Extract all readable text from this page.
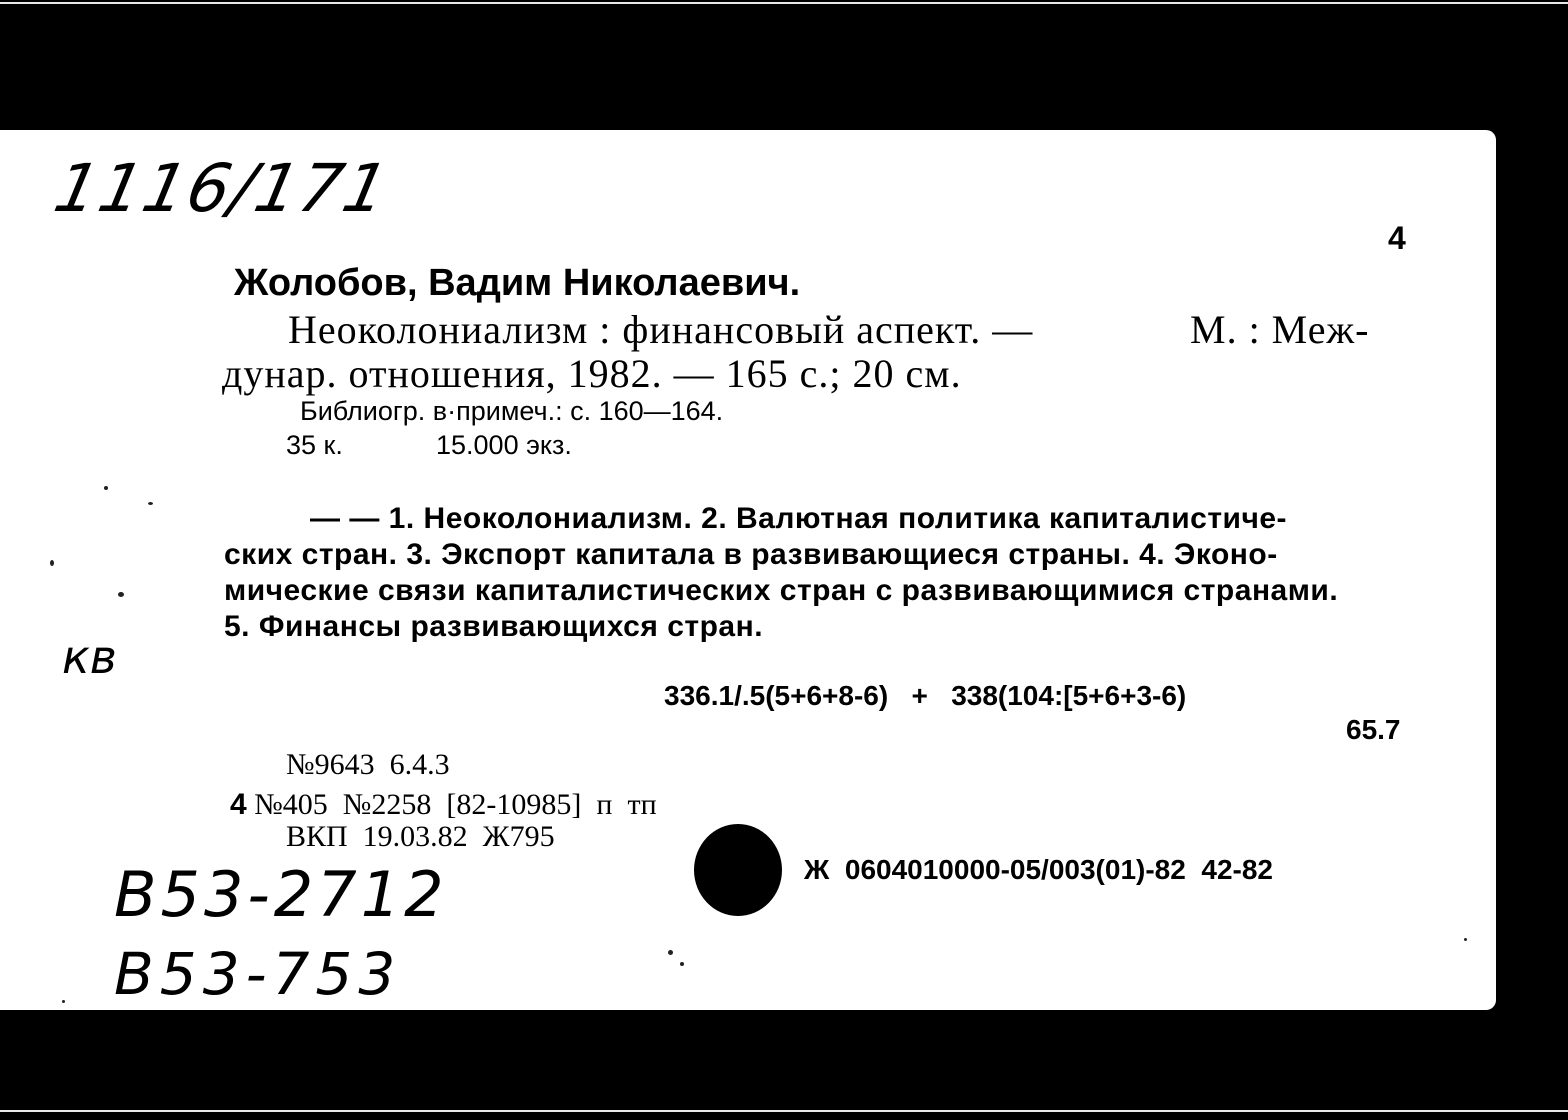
1116/171
кв
В53-2712
В53-753
4
Жолобов, Вадим Николаевич.
Неоколониализм : финансовый аспект. —	М. : Меж-
дунар. отношения, 1982. — 165 с.; 20 см.
Библиогр. в·примеч.: с. 160—164.
35 к.	15.000 экз.
— — 1. Неоколониализм. 2. Валютная политика капиталистиче-
ских стран. 3. Экспорт капитала в развивающиеся страны. 4. Эконо-
мические связи капиталистических стран с развивающимися странами.
5. Финансы развивающихся стран.
336.1/.5(5+6+8-6)   +   338(104:[5+6+3-6)
65.7
№9643  6.4.3
4 №405  №2258  [82-10985]  п  тп
ВКП  19.03.82  Ж795
Ж  0604010000-05/003(01)-82  42-82
